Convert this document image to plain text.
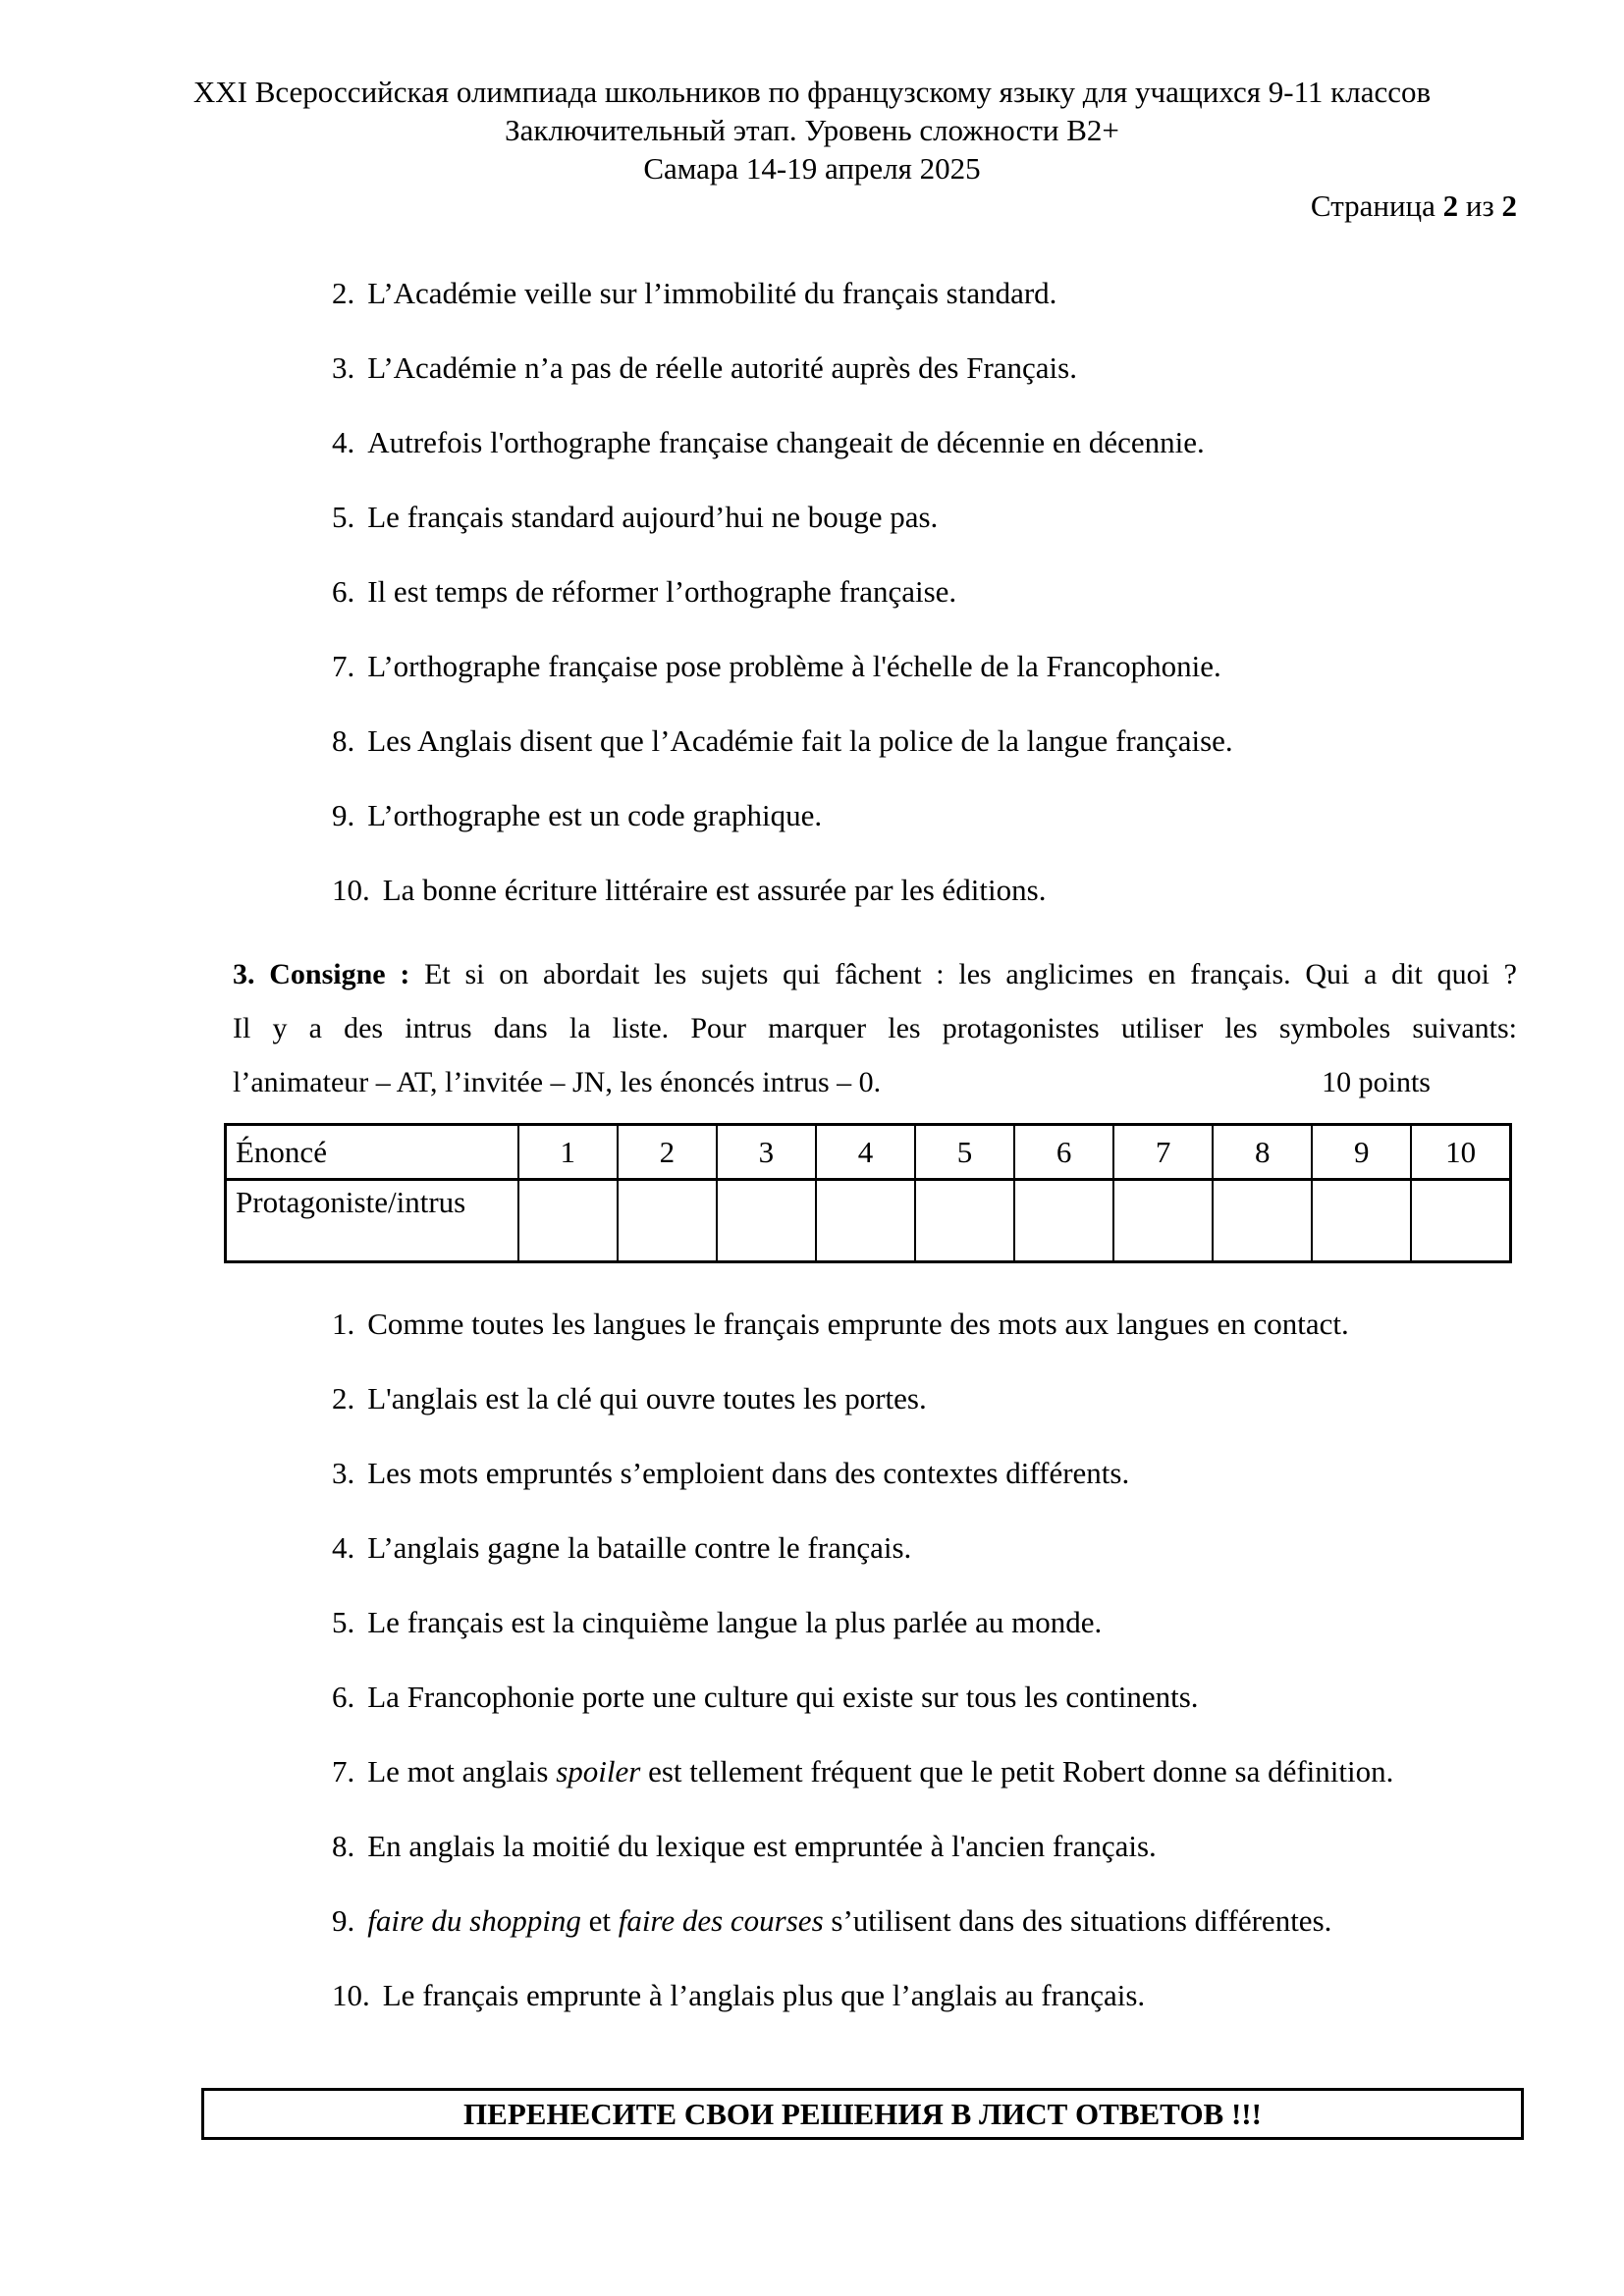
XXI Всероссийская олимпиада школьников по французскому языку для учащихся 9-11 классов
Заключительный этап. Уровень сложности В2+
Самара 14-19 апреля 2025
Страница 2 из 2
2. L’Académie veille sur l’immobilité du français standard.
3. L’Académie n’a pas de réelle autorité auprès des Français.
4. Autrefois l'orthographe française changeait de décennie en décennie.
5. Le français standard aujourd’hui ne bouge pas.
6. Il est temps de réformer l’orthographe française.
7. L’orthographe française pose problème à l'échelle de la Francophonie.
8. Les Anglais disent que l’Académie fait la police de la langue française.
9. L’orthographe est un code graphique.
10. La bonne écriture littéraire est assurée par les éditions.
3. Consigne : Et si on abordait les sujets qui fâchent : les anglicimes en français. Qui a dit quoi ?
Il y a des intrus dans la liste. Pour marquer les protagonistes utiliser les symboles suivants:
l’animateur – AT, l’invitée – JN, les énoncés intrus – 0.	10 points
Énoncé	1	2	3	4	5	6	7	8	9	10
Protagoniste/intrus										
1. Comme toutes les langues le français emprunte des mots aux langues en contact.
2. L'anglais est la clé qui ouvre toutes les portes.
3. Les mots empruntés s’emploient dans des contextes différents.
4. L’anglais gagne la bataille contre le français.
5. Le français est la cinquième langue la plus parlée au monde.
6. La Francophonie porte une culture qui existe sur tous les continents.
7. Le mot anglais spoiler est tellement fréquent que le petit Robert donne sa définition.
8. En anglais la moitié du lexique est empruntée à l'ancien français.
9. faire du shopping et faire des courses s’utilisent dans des situations différentes.
10. Le français emprunte à l’anglais plus que l’anglais au français.
ПЕРЕНЕСИТЕ СВОИ РЕШЕНИЯ В ЛИСТ ОТВЕТОВ !!!
